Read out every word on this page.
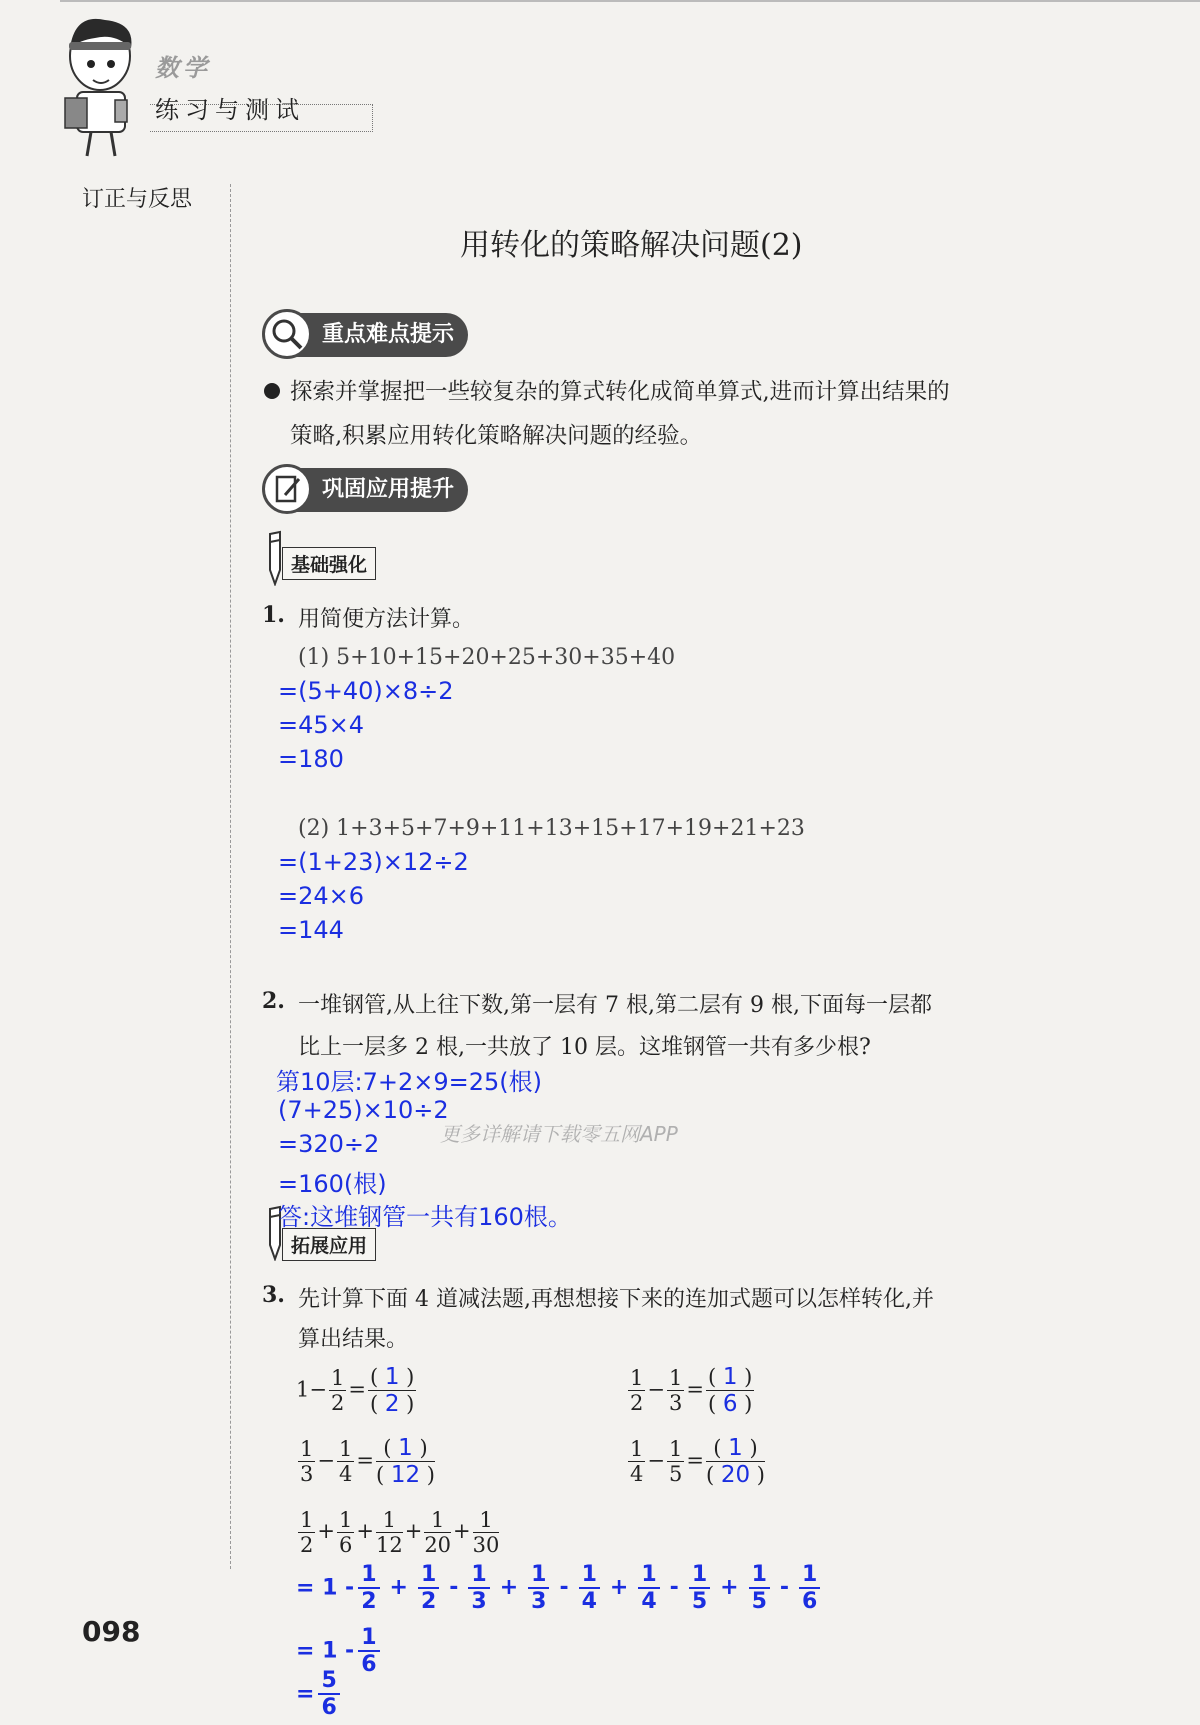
数学
练习与测试
订正与反思
098
用转化的策略解决问题(2)
重点难点提示
探索并掌握把一些较复杂的算式转化成简单算式,进而计算出结果的
策略,积累应用转化策略解决问题的经验。
巩固应用提升
基础强化
1. 用简便方法计算。
(1) 5+10+15+20+25+30+35+40
=(5+40)×8÷2
=45×4
=180
(2) 1+3+5+7+9+11+13+15+17+19+21+23
=(1+23)×12÷2
=24×6
=144
2. 一堆钢管,从上往下数,第一层有 7 根,第二层有 9 根,下面每一层都
比上一层多 2 根,一共放了 10 层。这堆钢管一共有多少根?
第10层:7+2×9=25(根)
(7+25)×10÷2
=320÷2
=160(根)
更多详解请下载零五网APP
拓展应用
答:这堆钢管一共有160根。
3. 先计算下面 4 道减法题,再想想接下来的连加式题可以怎样转化,并
算出结果。
$1- \frac{1}{2} = \frac{( 1 )}{( 2 )}$	$\frac{1}{2} - \frac{1}{3} = \frac{( 1 )}{( 6 )}$
$\frac{1}{3} - \frac{1}{4} = \frac{( 1 )}{( 12 )}$	$\frac{1}{4} - \frac{1}{5} = \frac{( 1 )}{( 20 )}$
$\frac{1}{2} + \frac{1}{6} + \frac{1}{12} + \frac{1}{20} + \frac{1}{30}$
= $1 - \frac{1}{2} + \frac{1}{2} - \frac{1}{3} + \frac{1}{3} - \frac{1}{4} + \frac{1}{4} - \frac{1}{5} + \frac{1}{5} - \frac{1}{6}$
= $1 - \frac{1}{6}$
= $\frac{5}{6}$
